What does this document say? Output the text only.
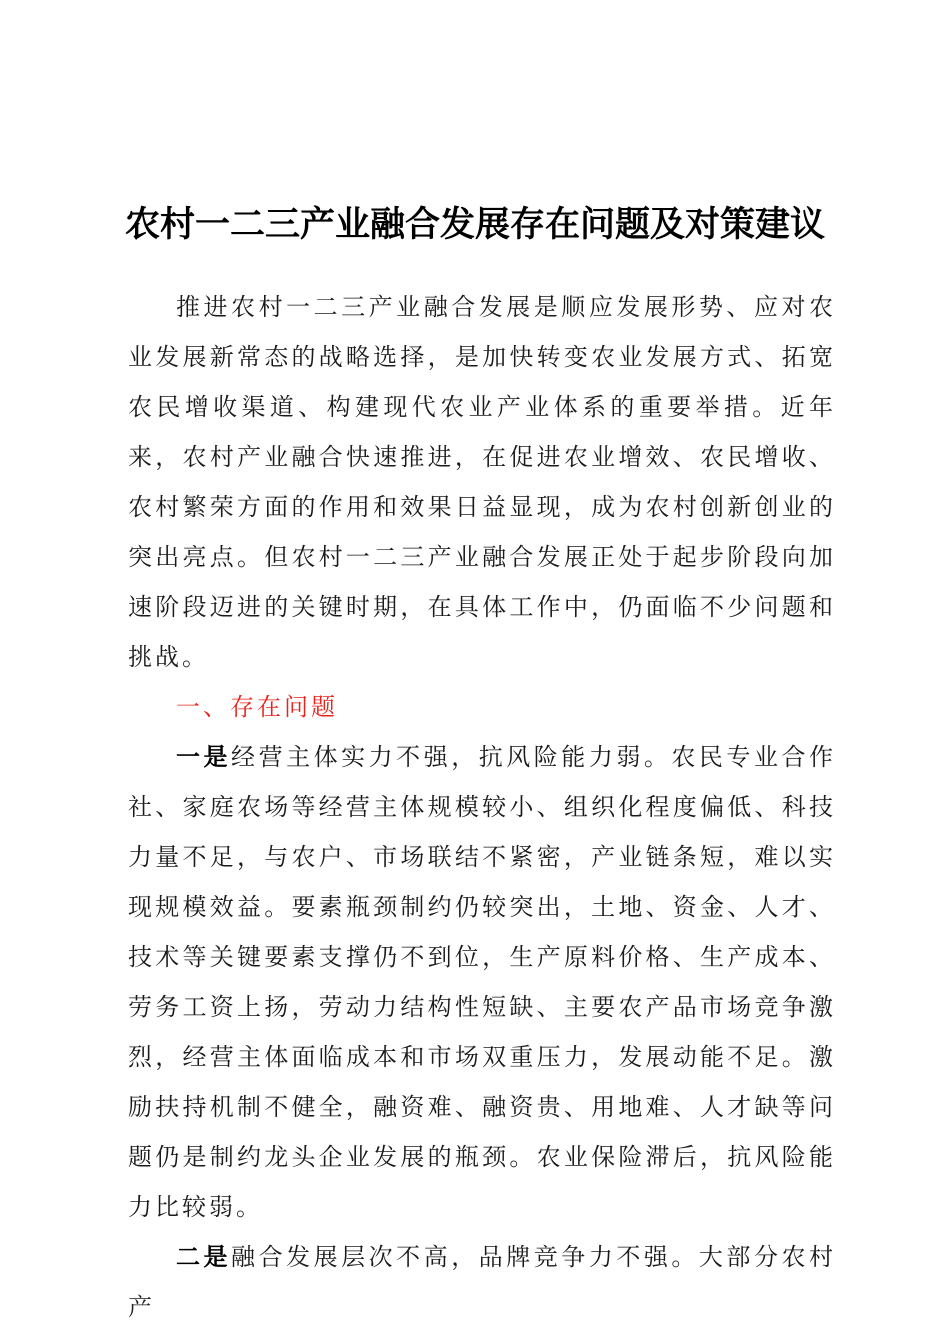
农村一二三产业融合发展存在问题及对策建议

推进农村一二三产业融合发展是顺应发展形势、应对农业发展新常态的战略选择，是加快转变农业发展方式、拓宽农民增收渠道、构建现代农业产业体系的重要举措。近年来，农村产业融合快速推进，在促进农业增效、农民增收、农村繁荣方面的作用和效果日益显现，成为农村创新创业的突出亮点。但农村一二三产业融合发展正处于起步阶段向加速阶段迈进的关键时期，在具体工作中，仍面临不少问题和挑战。

一、存在问题

一是经营主体实力不强，抗风险能力弱。农民专业合作社、家庭农场等经营主体规模较小、组织化程度偏低、科技力量不足，与农户、市场联结不紧密，产业链条短，难以实现规模效益。要素瓶颈制约仍较突出，土地、资金、人才、技术等关键要素支撑仍不到位，生产原料价格、生产成本、劳务工资上扬，劳动力结构性短缺、主要农产品市场竞争激烈，经营主体面临成本和市场双重压力，发展动能不足。激励扶持机制不健全，融资难、融资贵、用地难、人才缺等问题仍是制约龙头企业发展的瓶颈。农业保险滞后，抗风险能力比较弱。

二是融合发展层次不高，品牌竞争力不强。大部分农村产
